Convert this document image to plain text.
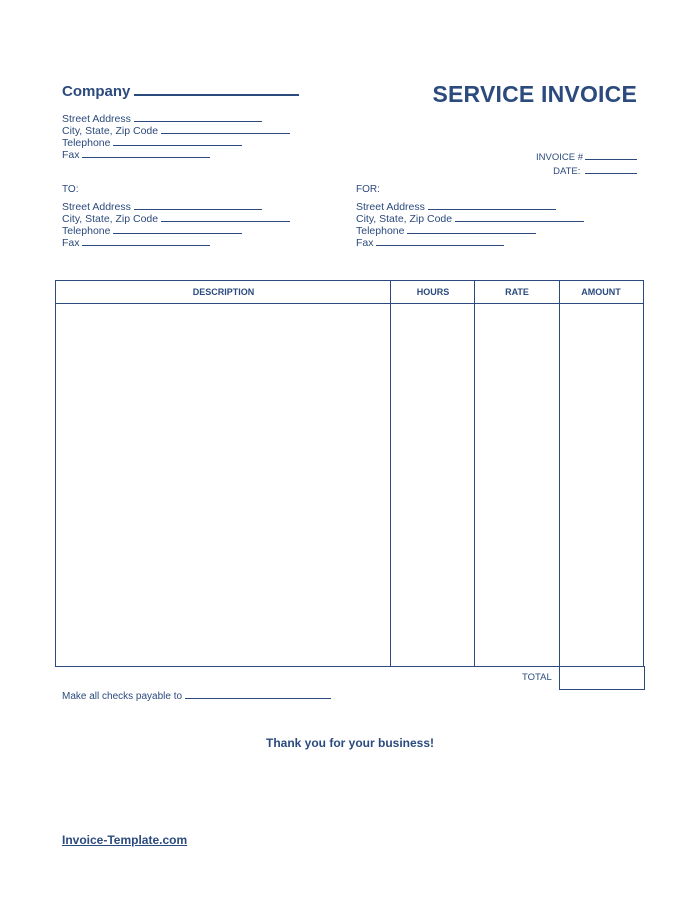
Company	SERVICE INVOICE
Street Address
City, State, Zip Code
Telephone
Fax	INVOICE #
DATE:
TO:
Street Address
City, State, Zip Code
Telephone
Fax
FOR:
Street Address
City, State, Zip Code
Telephone
Fax
DESCRIPTION	HOURS	RATE	AMOUNT
TOTAL
Make all checks payable to
Thank you for your business!
Invoice-Template.com
